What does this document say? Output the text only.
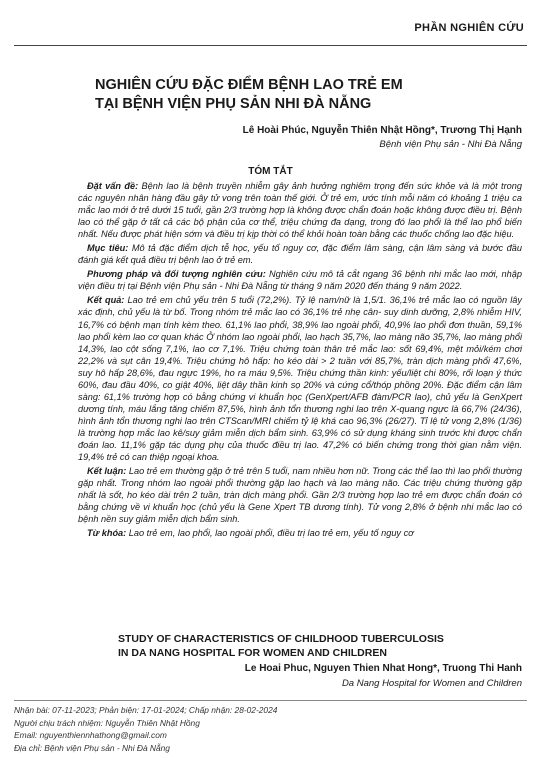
PHẦN NGHIÊN CỨU
NGHIÊN CỨU ĐẶC ĐIỂM BỆNH LAO TRẺ EM
TẠI BỆNH VIỆN PHỤ SẢN NHI ĐÀ NẴNG
Lê Hoài Phúc, Nguyễn Thiên Nhật Hồng*, Trương Thị Hạnh
Bệnh viện Phụ sản - Nhi Đà Nẵng
TÓM TẮT

Đặt vấn đề: Bệnh lao là bệnh truyền nhiễm gây ảnh hưởng nghiêm trọng đến sức khỏe và là một trong các nguyên nhân hàng đầu gây tử vong trên toàn thế giới. Ở trẻ em, ước tính mỗi năm có khoảng 1 triệu ca mắc lao mới ở trẻ dưới 15 tuổi, gần 2/3 trường hợp là không được chẩn đoán hoặc không được điều trị. Bệnh lao có thể gặp ở tất cả các bộ phận của cơ thể, triệu chứng đa dạng, trong đó lao phổi là thể lao phổ biến nhất. Nếu được phát hiện sớm và điều trị kịp thời có thể khỏi hoàn toàn bằng các thuốc chống lao đặc hiệu.

Mục tiêu: Mô tả đặc điểm dịch tễ học, yếu tố nguy cơ, đặc điểm lâm sàng, cận lâm sàng và bước đầu đánh giá kết quả điều trị bệnh lao ở trẻ em.

Phương pháp và đối tượng nghiên cứu: Nghiên cứu mô tả cắt ngang 36 bệnh nhi mắc lao mới, nhập viện điều trị tại Bệnh viện Phụ sản - Nhi Đà Nẵng từ tháng 9 năm 2020 đến tháng 9 năm 2022.

Kết quả: Lao trẻ em chủ yếu trên 5 tuổi (72,2%). Tỷ lệ nam/nữ là 1,5/1. 36,1% trẻ mắc lao có nguồn lây xác định, chủ yếu là từ bố. Trong nhóm trẻ mắc lao có 36,1% trẻ nhẹ cân- suy dinh dưỡng, 2,8% nhiễm HIV, 16,7% có bệnh mạn tính kèm theo. 61,1% lao phổi, 38,9% lao ngoài phổi, 40,9% lao phổi đơn thuần, 59,1% lao phổi kèm lao cơ quan khác Ở nhóm lao ngoài phổi, lao hạch 35,7%, lao màng não 35,7%, lao màng phổi 14,3%, lao cột sống 7,1%, lao cơ 7,1%. Triệu chứng toàn thân trẻ mắc lao: sốt 69,4%, mệt mỏi/kém chơi 22,2% và sụt cân 19,4%. Triệu chứng hô hấp: ho kéo dài > 2 tuần với 85,7%, tràn dịch màng phổi 47,6%, suy hô hấp 28,6%, đau ngực 19%, ho ra máu 9,5%. Triệu chứng thần kinh: yếu/liệt chi 80%, rối loạn ý thức 60%, đau đầu 40%, co giật 40%, liệt dây thần kinh sọ 20% và cứng cổ/thóp phồng 20%. Đặc điểm cận lâm sàng: 61,1% trường hợp có bằng chứng vi khuẩn học (GenXpert/AFB đàm/PCR lao), chủ yếu là GenXpert dương tính, máu lắng tăng chiếm 87,5%, hình ảnh tổn thương nghi lao trên X-quang ngực là 66,7% (24/36), hình ảnh tổn thương nghi lao trên CTScan/MRI chiếm tỷ lệ khá cao 96,3% (26/27). Tỉ lệ tử vong 2,8% (1/36) là trường hợp mắc lao kê/suy giảm miễn dịch bẩm sinh. 63,9% có sử dụng kháng sinh trước khi được chẩn đoán lao. 11,1% gặp tác dụng phụ của thuốc điều trị lao. 47,2% có biến chứng trong thời gian nằm viện. 19,4% trẻ có can thiệp ngoại khoa.

Kết luận: Lao trẻ em thường gặp ở trẻ trên 5 tuổi, nam nhiều hơn nữ. Trong các thể lao thì lao phổi thường gặp nhất. Trong nhóm lao ngoài phổi thường gặp lao hạch và lao màng não. Các triệu chứng thường gặp nhất là sốt, ho kéo dài trên 2 tuần, tràn dịch màng phổi. Gần 2/3 trường hợp lao trẻ em được chẩn đoán có bằng chứng về vi khuẩn học (chủ yếu là Gene Xpert TB dương tính). Tử vong 2,8% ở bệnh nhi mắc lao có bệnh nền suy giảm miễn dịch bẩm sinh.

Từ khóa: Lao trẻ em, lao phổi, lao ngoài phổi, điều trị lao trẻ em, yếu tố nguy cơ

STUDY OF CHARACTERISTICS OF CHILDHOOD TUBERCULOSIS
IN DA NANG HOSPITAL FOR WOMEN AND CHILDREN
Le Hoai Phuc, Nguyen Thien Nhat Hong*, Truong Thi Hanh
Da Nang Hospital for Women and Children
Nhận bài: 07-11-2023; Phản biện: 17-01-2024; Chấp nhận: 28-02-2024
Người chịu trách nhiệm: Nguyễn Thiên Nhật Hồng
Email: nguyenthiennhathong@gmail.com
Địa chỉ: Bệnh viện Phụ sản - Nhi Đà Nẵng
